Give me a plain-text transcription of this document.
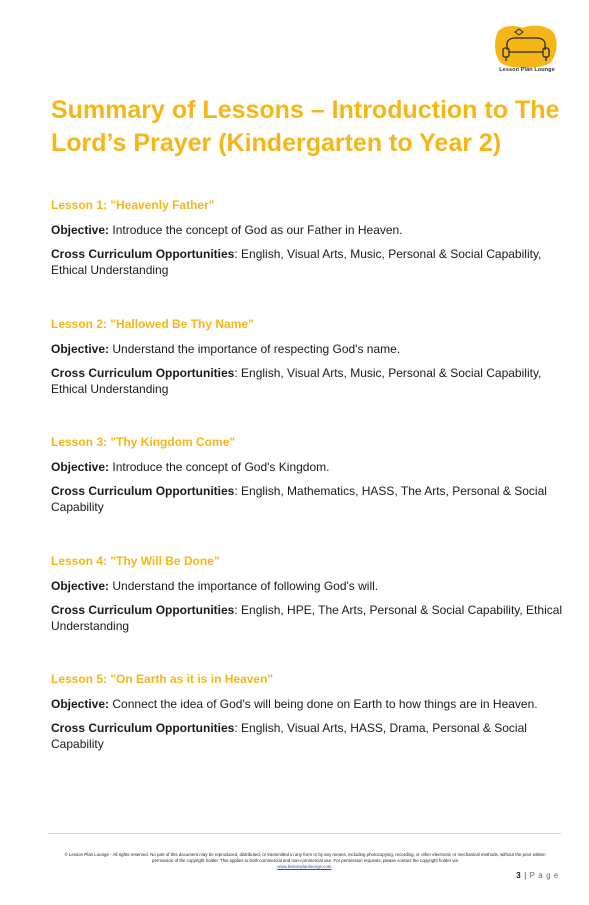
Lesson Plan Lounge
Summary of Lessons – Introduction to The Lord’s Prayer (Kindergarten to Year 2)
Lesson 1: "Heavenly Father"
Objective: Introduce the concept of God as our Father in Heaven.
Cross Curriculum Opportunities: English, Visual Arts, Music, Personal & Social Capability, Ethical Understanding
Lesson 2: "Hallowed Be Thy Name"
Objective: Understand the importance of respecting God's name.
Cross Curriculum Opportunities: English, Visual Arts, Music, Personal & Social Capability, Ethical Understanding
Lesson 3: "Thy Kingdom Come"
Objective: Introduce the concept of God's Kingdom.
Cross Curriculum Opportunities: English, Mathematics, HASS, The Arts, Personal & Social Capability
Lesson 4: "Thy Will Be Done"
Objective: Understand the importance of following God's will.
Cross Curriculum Opportunities: English, HPE, The Arts, Personal & Social Capability, Ethical Understanding
Lesson 5: "On Earth as it is in Heaven"
Objective: Connect the idea of God's will being done on Earth to how things are in Heaven.
Cross Curriculum Opportunities: English, Visual Arts, HASS, Drama, Personal & Social Capability
© Lesson Plan Lounge - All rights reserved. No part of this document may be reproduced, distributed, or transmitted in any form or by any means, including photocopying, recording, or other electronic or mechanical methods, without the prior written permission of the copyright holder. This applies to both commercial and non-commercial use. For permission requests, please contact the copyright holder via
www.lessonplanlounge.com.
3 | P a g e
